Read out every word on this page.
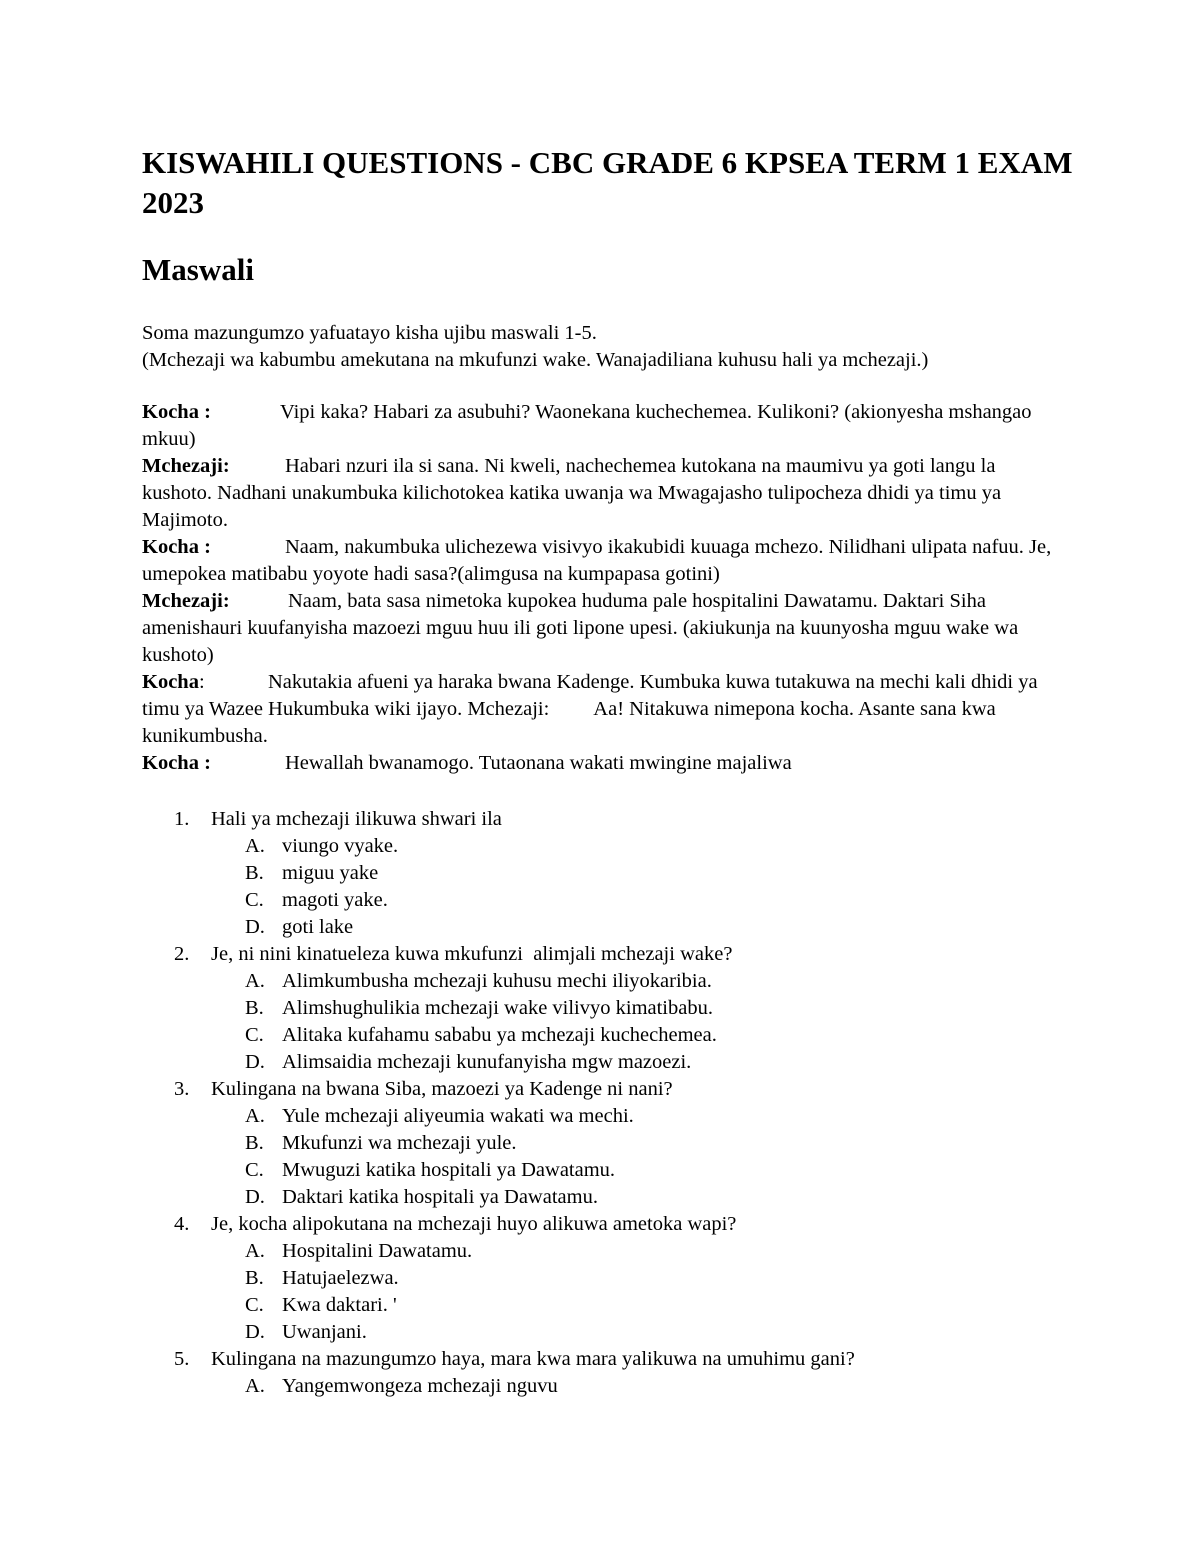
KISWAHILI QUESTIONS - CBC GRADE 6 KPSEA TERM 1 EXAM 2023
Maswali
Soma mazungumzo yafuatayo kisha ujibu maswali 1-5.
(Mchezaji wa kabumbu amekutana na mkufunzi wake. Wanajadiliana kuhusu hali ya mchezaji.)

Kocha :	Vipi kaka? Habari za asubuhi? Waonekana kuchechemea. Kulikoni? (akionyesha mshangao mkuu)

Mchezaji:	Habari nzuri ila si sana. Ni kweli, nachechemea kutokana na maumivu ya goti langu la kushoto. Nadhani unakumbuka kilichotokea katika uwanja wa Mwagajasho tulipocheza dhidi ya timu ya Majimoto.

Kocha :	Naam, nakumbuka ulichezewa visivyo ikakubidi kuuaga mchezo. Nilidhani ulipata nafuu. Je, umepokea matibabu yoyote hadi sasa?(alimgusa na kumpapasa gotini)

Mchezaji:	Naam, bata sasa nimetoka kupokea huduma pale hospitalini Dawatamu. Daktari Siha amenishauri kuufanyisha mazoezi mguu huu ili goti lipone upesi. (akiukunja na kuunyosha mguu wake wa kushoto)

Kocha:	Nakutakia afueni ya haraka bwana Kadenge. Kumbuka kuwa tutakuwa na mechi kali dhidi ya timu ya Wazee Hukumbuka wiki ijayo. Mchezaji: Aa! Nitakuwa nimepona kocha. Asante sana kwa kunikumbusha.

Kocha :	Hewallah bwanamogo. Tutaonana wakati mwingine majaliwa

1. Hali ya mchezaji ilikuwa shwari ila
A. viungo vyake.
B. miguu yake
C. magoti yake.
D. goti lake
2. Je, ni nini kinatueleza kuwa mkufunzi  alimjali mchezaji wake?
A. Alimkumbusha mchezaji kuhusu mechi iliyokaribia.
B. Alimshughulikia mchezaji wake vilivyo kimatibabu.
C. Alitaka kufahamu sababu ya mchezaji kuchechemea.
D. Alimsaidia mchezaji kunufanyisha mgw mazoezi.
3. Kulingana na bwana Siba, mazoezi ya Kadenge ni nani?
A. Yule mchezaji aliyeumia wakati wa mechi.
B. Mkufunzi wa mchezaji yule.
C. Mwuguzi katika hospitali ya Dawatamu.
D. Daktari katika hospitali ya Dawatamu.
4. Je, kocha alipokutana na mchezaji huyo alikuwa ametoka wapi?
A. Hospitalini Dawatamu.
B. Hatujaelezwa.
C. Kwa daktari. '
D. Uwanjani.
5. Kulingana na mazungumzo haya, mara kwa mara yalikuwa na umuhimu gani?
A. Yangemwongeza mchezaji nguvu
